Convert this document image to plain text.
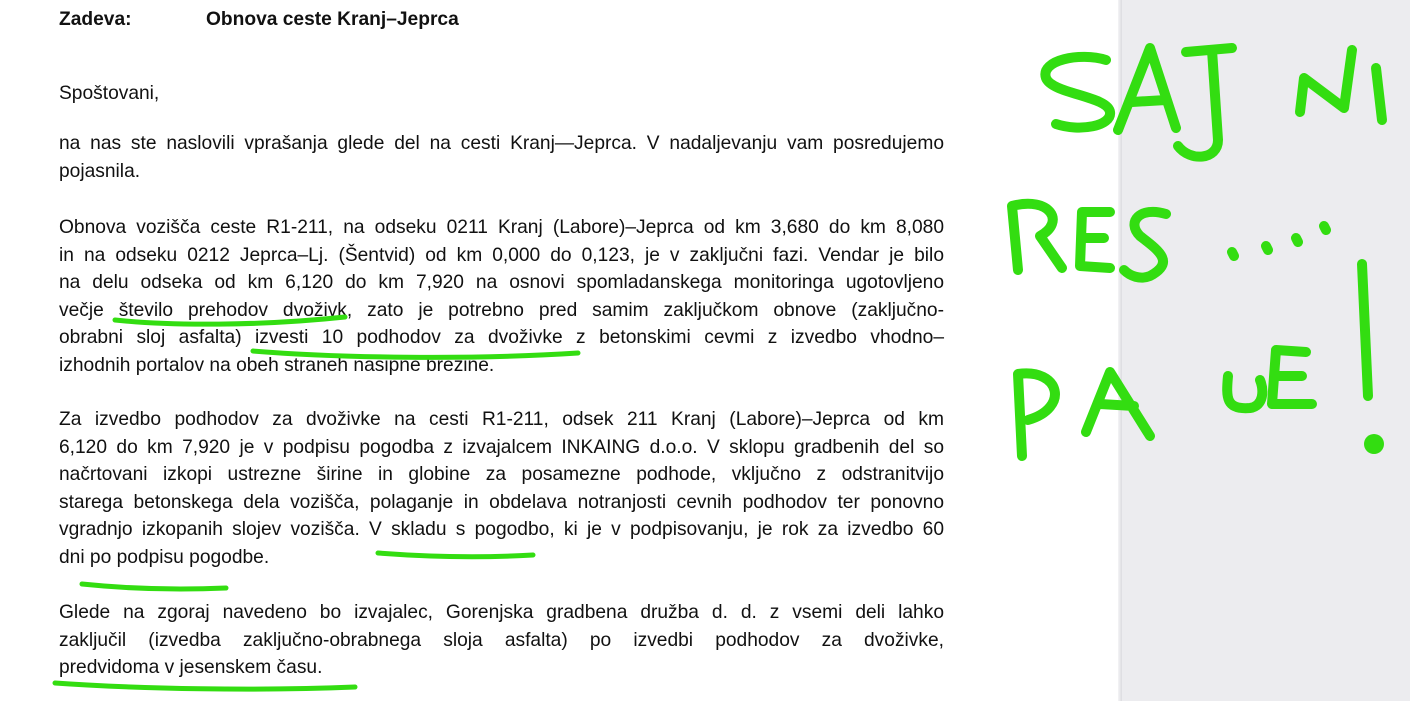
Zadeva:	Obnova ceste Kranj–Jeprca
Spoštovani,
na nas ste naslovili vprašanja glede del na cesti Kranj—Jeprca. V nadaljevanju vam posredujemo
pojasnila.
Obnova vozišča ceste R1-211, na odseku 0211 Kranj (Labore)–Jeprca od km 3,680 do km 8,080
in na odseku 0212 Jeprca–Lj. (Šentvid) od km 0,000 do 0,123, je v zaključni fazi. Vendar je bilo
na delu odseka od km 6,120 do km 7,920 na osnovi spomladanskega monitoringa ugotovljeno
večje število prehodov dvoživk, zato je potrebno pred samim zaključkom obnove (zaključno-
obrabni sloj asfalta) izvesti 10 podhodov za dvoživke z betonskimi cevmi z izvedbo vhodno–
izhodnih portalov na obeh straneh nasipne brežine.
Za izvedbo podhodov za dvoživke na cesti R1-211, odsek 211 Kranj (Labore)–Jeprca od km
6,120 do km 7,920 je v podpisu pogodba z izvajalcem INKAING d.o.o. V sklopu gradbenih del so
načrtovani izkopi ustrezne širine in globine za posamezne podhode, vključno z odstranitvijo
starega betonskega dela vozišča, polaganje in obdelava notranjosti cevnih podhodov ter ponovno
vgradnjo izkopanih slojev vozišča. V skladu s pogodbo, ki je v podpisovanju, je rok za izvedbo 60
dni po podpisu pogodbe.
Glede na zgoraj navedeno bo izvajalec, Gorenjska gradbena družba d. d. z vsemi deli lahko
zaključil (izvedba zaključno-obrabnega sloja asfalta) po izvedbi podhodov za dvoživke,
predvidoma v jesenskem času.
